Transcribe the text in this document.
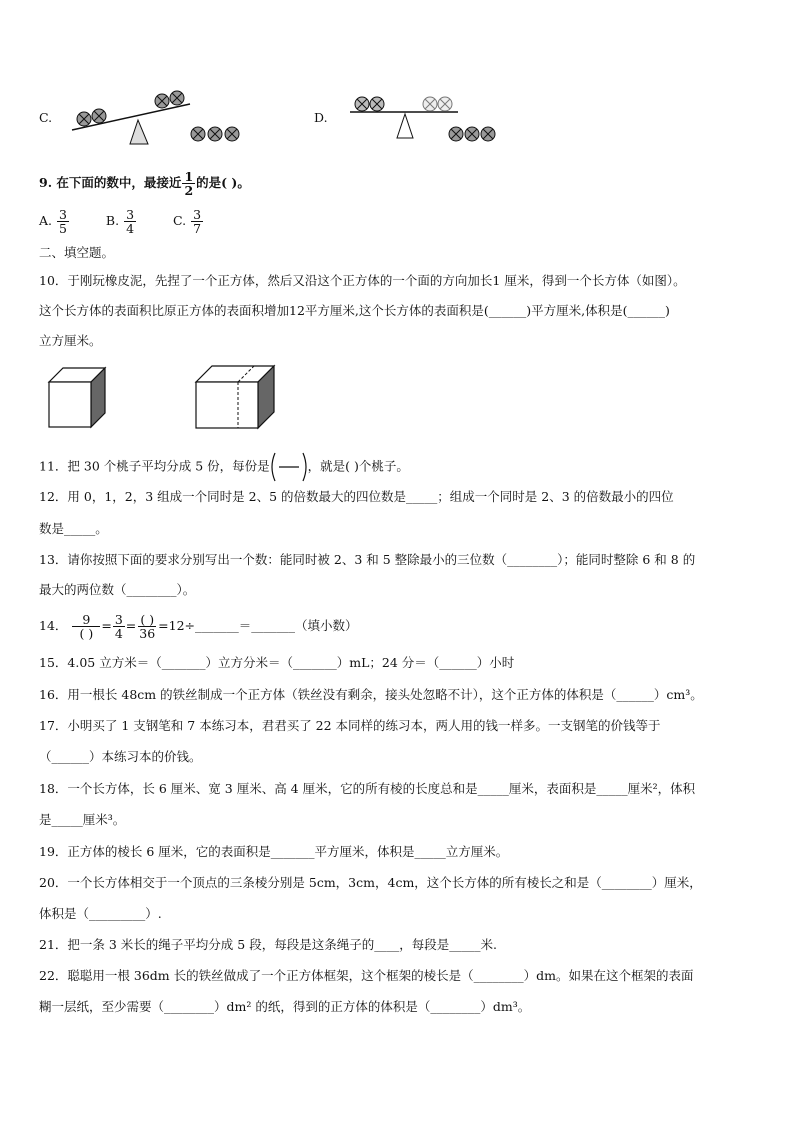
C.	D.
9. 在下面的数中，最接近 $\frac{1}{2}$ 的是( )。
A. $\frac{3}{5}$	B. $\frac{3}{4}$	C. $\frac{3}{7}$
二、填空题。
10．于刚玩橡皮泥，先捏了一个正方体，然后又沿这个正方体的一个面的方向加长1 厘米，得到一个长方体（如图）。
这个长方体的表面积比原正方体的表面积增加12平方厘米,这个长方体的表面积是(______)平方厘米,体积是(______)
立方厘米。
11．把 30 个桃子平均分成 5 份，每份是	，就是( )个桃子。
12．用 0，1，2，3 组成一个同时是 2、5 的倍数最大的四位数是_____；组成一个同时是 2、3 的倍数最小的四位
数是_____。
13．请你按照下面的要求分别写出一个数：能同时被 2、3 和 5 整除最小的三位数（________）；能同时整除 6 和 8 的
最大的两位数（________）。
14． $\frac{9}{( )} = \frac{3}{4} = \frac{( )}{36}$ =12÷_______＝_______（填小数）
15．4.05 立方米＝（_______）立方分米＝（_______）mL；24 分＝（______）小时
16．用一根长 48cm 的铁丝制成一个正方体（铁丝没有剩余，接头处忽略不计），这个正方体的体积是（______）cm³。
17．小明买了 1 支钢笔和 7 本练习本，君君买了 22 本同样的练习本，两人用的钱一样多。一支钢笔的价钱等于
（______）本练习本的价钱。
18．一个长方体，长 6 厘米、宽 3 厘米、高 4 厘米，它的所有棱的长度总和是_____厘米，表面积是_____厘米²，体积
是_____厘米³。
19．正方体的棱长 6 厘米，它的表面积是_______平方厘米，体积是_____立方厘米。
20．一个长方体相交于一个顶点的三条棱分别是 5cm，3cm，4cm，这个长方体的所有棱长之和是（________）厘米，
体积是（_________）.
21．把一条 3 米长的绳子平均分成 5 段，每段是这条绳子的____，每段是_____米.
22．聪聪用一根 36dm 长的铁丝做成了一个正方体框架，这个框架的棱长是（________）dm。如果在这个框架的表面
糊一层纸，至少需要（________）dm² 的纸，得到的正方体的体积是（________）dm³。
